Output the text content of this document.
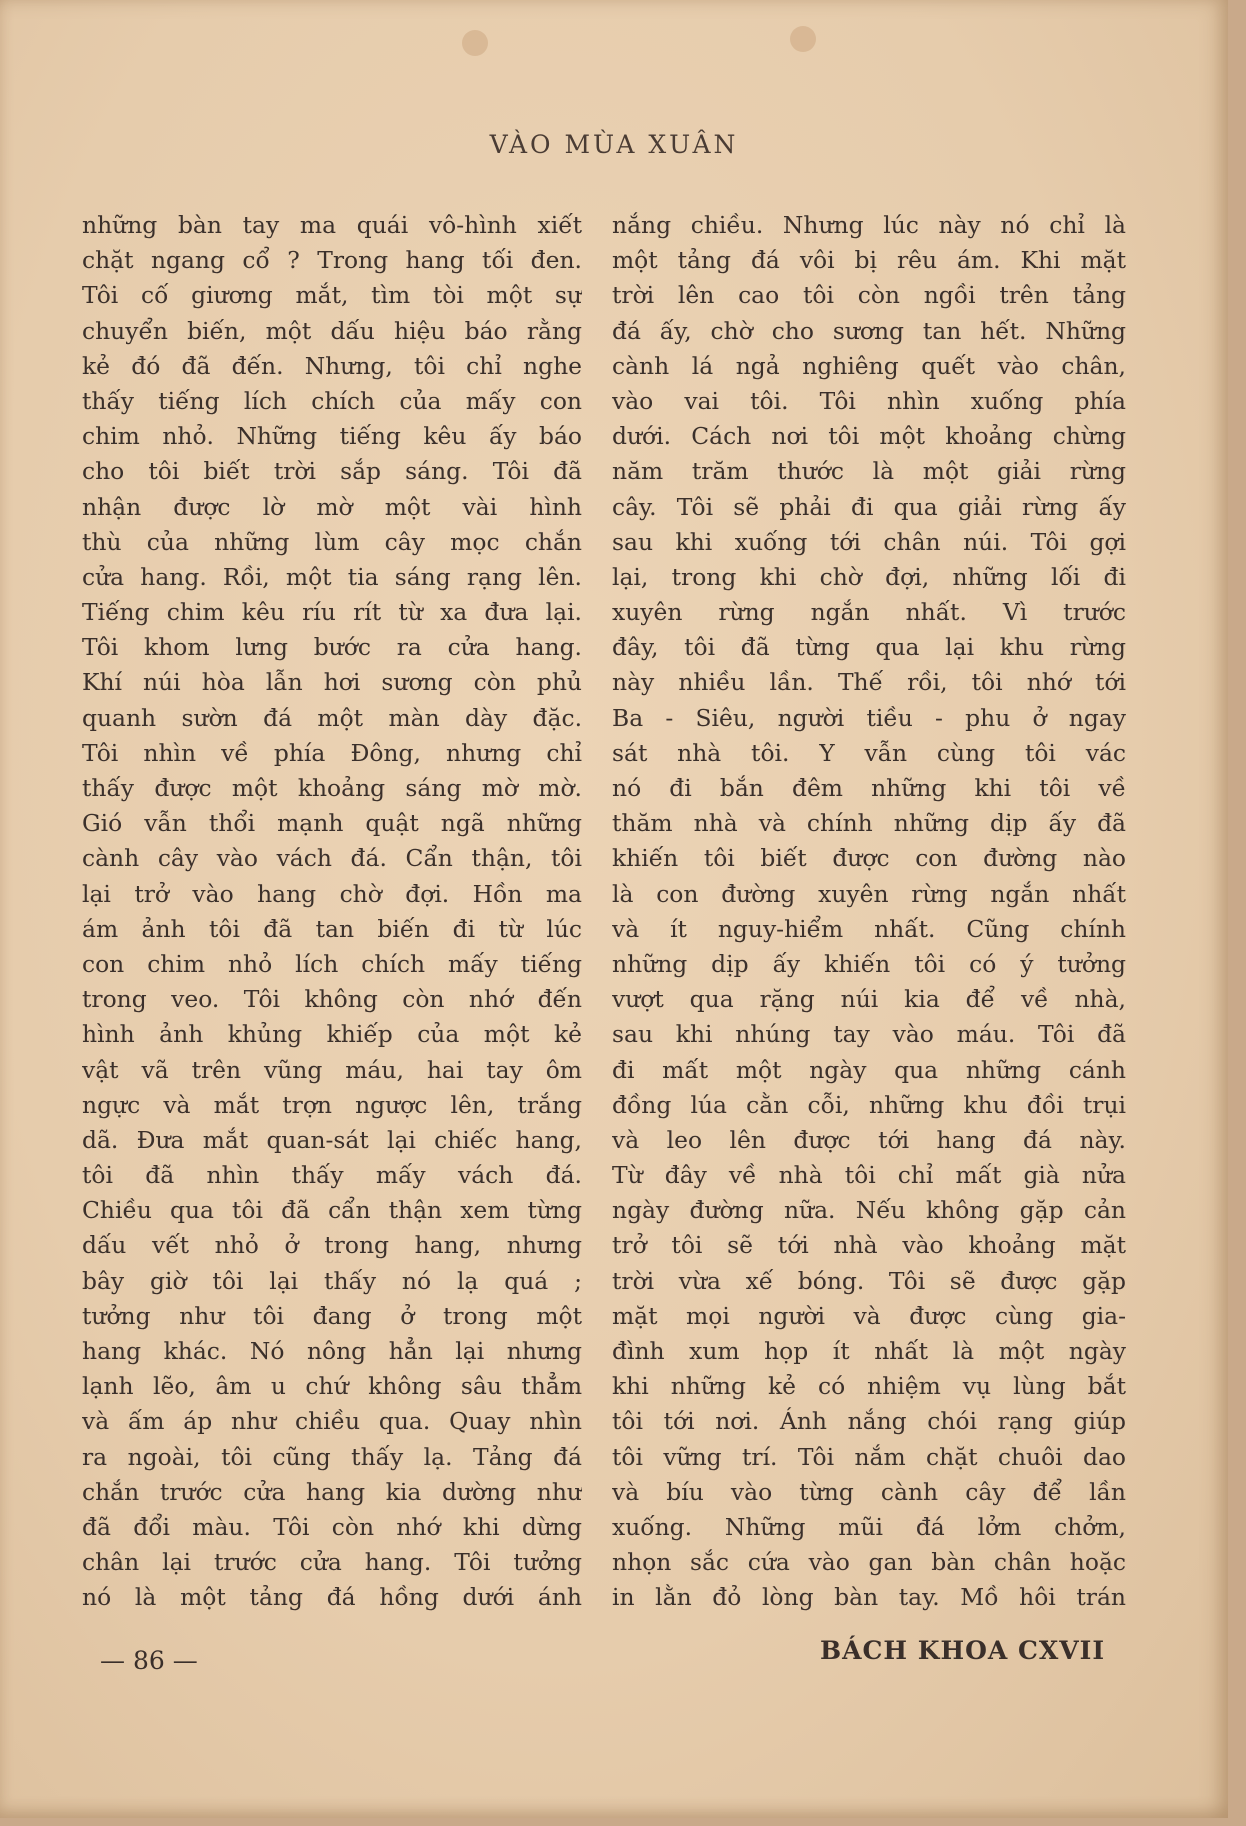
VÀO MÙA XUÂN
những bàn tay ma quái vô-hình xiết
chặt ngang cổ ? Trong hang tối đen.
Tôi cố giương mắt, tìm tòi một sự
chuyển biến, một dấu hiệu báo rằng
kẻ đó đã đến. Nhưng, tôi chỉ nghe
thấy tiếng lích chích của mấy con
chim nhỏ. Những tiếng kêu ấy báo
cho tôi biết trời sắp sáng. Tôi đã
nhận được lờ mờ một vài hình
thù của những lùm cây mọc chắn
cửa hang. Rồi, một tia sáng rạng lên.
Tiếng chim kêu ríu rít từ xa đưa lại.
Tôi khom lưng bước ra cửa hang.
Khí núi hòa lẫn hơi sương còn phủ
quanh sườn đá một màn dày đặc.
Tôi nhìn về phía Đông, nhưng chỉ
thấy được một khoảng sáng mờ mờ.
Gió vẫn thổi mạnh quật ngã những
cành cây vào vách đá. Cẩn thận, tôi
lại trở vào hang chờ đợi. Hồn ma
ám ảnh tôi đã tan biến đi từ lúc
con chim nhỏ lích chích mấy tiếng
trong veo. Tôi không còn nhớ đến
hình ảnh khủng khiếp của một kẻ
vật vã trên vũng máu, hai tay ôm
ngực và mắt trợn ngược lên, trắng
dã. Đưa mắt quan-sát lại chiếc hang,
tôi đã nhìn thấy mấy vách đá.
Chiều qua tôi đã cẩn thận xem từng
dấu vết nhỏ ở trong hang, nhưng
bây giờ tôi lại thấy nó lạ quá ;
tưởng như tôi đang ở trong một
hang khác. Nó nông hẳn lại nhưng
lạnh lẽo, âm u chứ không sâu thẳm
và ấm áp như chiều qua. Quay nhìn
ra ngoài, tôi cũng thấy lạ. Tảng đá
chắn trước cửa hang kia dường như
đã đổi màu. Tôi còn nhớ khi dừng
chân lại trước cửa hang. Tôi tưởng
nó là một tảng đá hồng dưới ánh
nắng chiều. Nhưng lúc này nó chỉ là
một tảng đá vôi bị rêu ám. Khi mặt
trời lên cao tôi còn ngồi trên tảng
đá ấy, chờ cho sương tan hết. Những
cành lá ngả nghiêng quết vào chân,
vào vai tôi. Tôi nhìn xuống phía
dưới. Cách nơi tôi một khoảng chừng
năm trăm thước là một giải rừng
cây. Tôi sẽ phải đi qua giải rừng ấy
sau khi xuống tới chân núi. Tôi gợi
lại, trong khi chờ đợi, những lối đi
xuyên rừng ngắn nhất. Vì trước
đây, tôi đã từng qua lại khu rừng
này nhiều lần. Thế rồi, tôi nhớ tới
Ba - Siêu, người tiều - phu ở ngay
sát nhà tôi. Y vẫn cùng tôi vác
nó đi bắn đêm những khi tôi về
thăm nhà và chính những dịp ấy đã
khiến tôi biết được con đường nào
là con đường xuyên rừng ngắn nhất
và ít nguy-hiểm nhất. Cũng chính
những dịp ấy khiến tôi có ý tưởng
vượt qua rặng núi kia để về nhà,
sau khi nhúng tay vào máu. Tôi đã
đi mất một ngày qua những cánh
đồng lúa cằn cỗi, những khu đồi trụi
và leo lên được tới hang đá này.
Từ đây về nhà tôi chỉ mất già nửa
ngày đường nữa. Nếu không gặp cản
trở tôi sẽ tới nhà vào khoảng mặt
trời vừa xế bóng. Tôi sẽ được gặp
mặt mọi người và được cùng gia-
đình xum họp ít nhất là một ngày
khi những kẻ có nhiệm vụ lùng bắt
tôi tới nơi. Ánh nắng chói rạng giúp
tôi vững trí. Tôi nắm chặt chuôi dao
và bíu vào từng cành cây để lần
xuống. Những mũi đá lởm chởm,
nhọn sắc cứa vào gan bàn chân hoặc
in lằn đỏ lòng bàn tay. Mồ hôi trán
— 86 —	BÁCH KHOA CXVII
